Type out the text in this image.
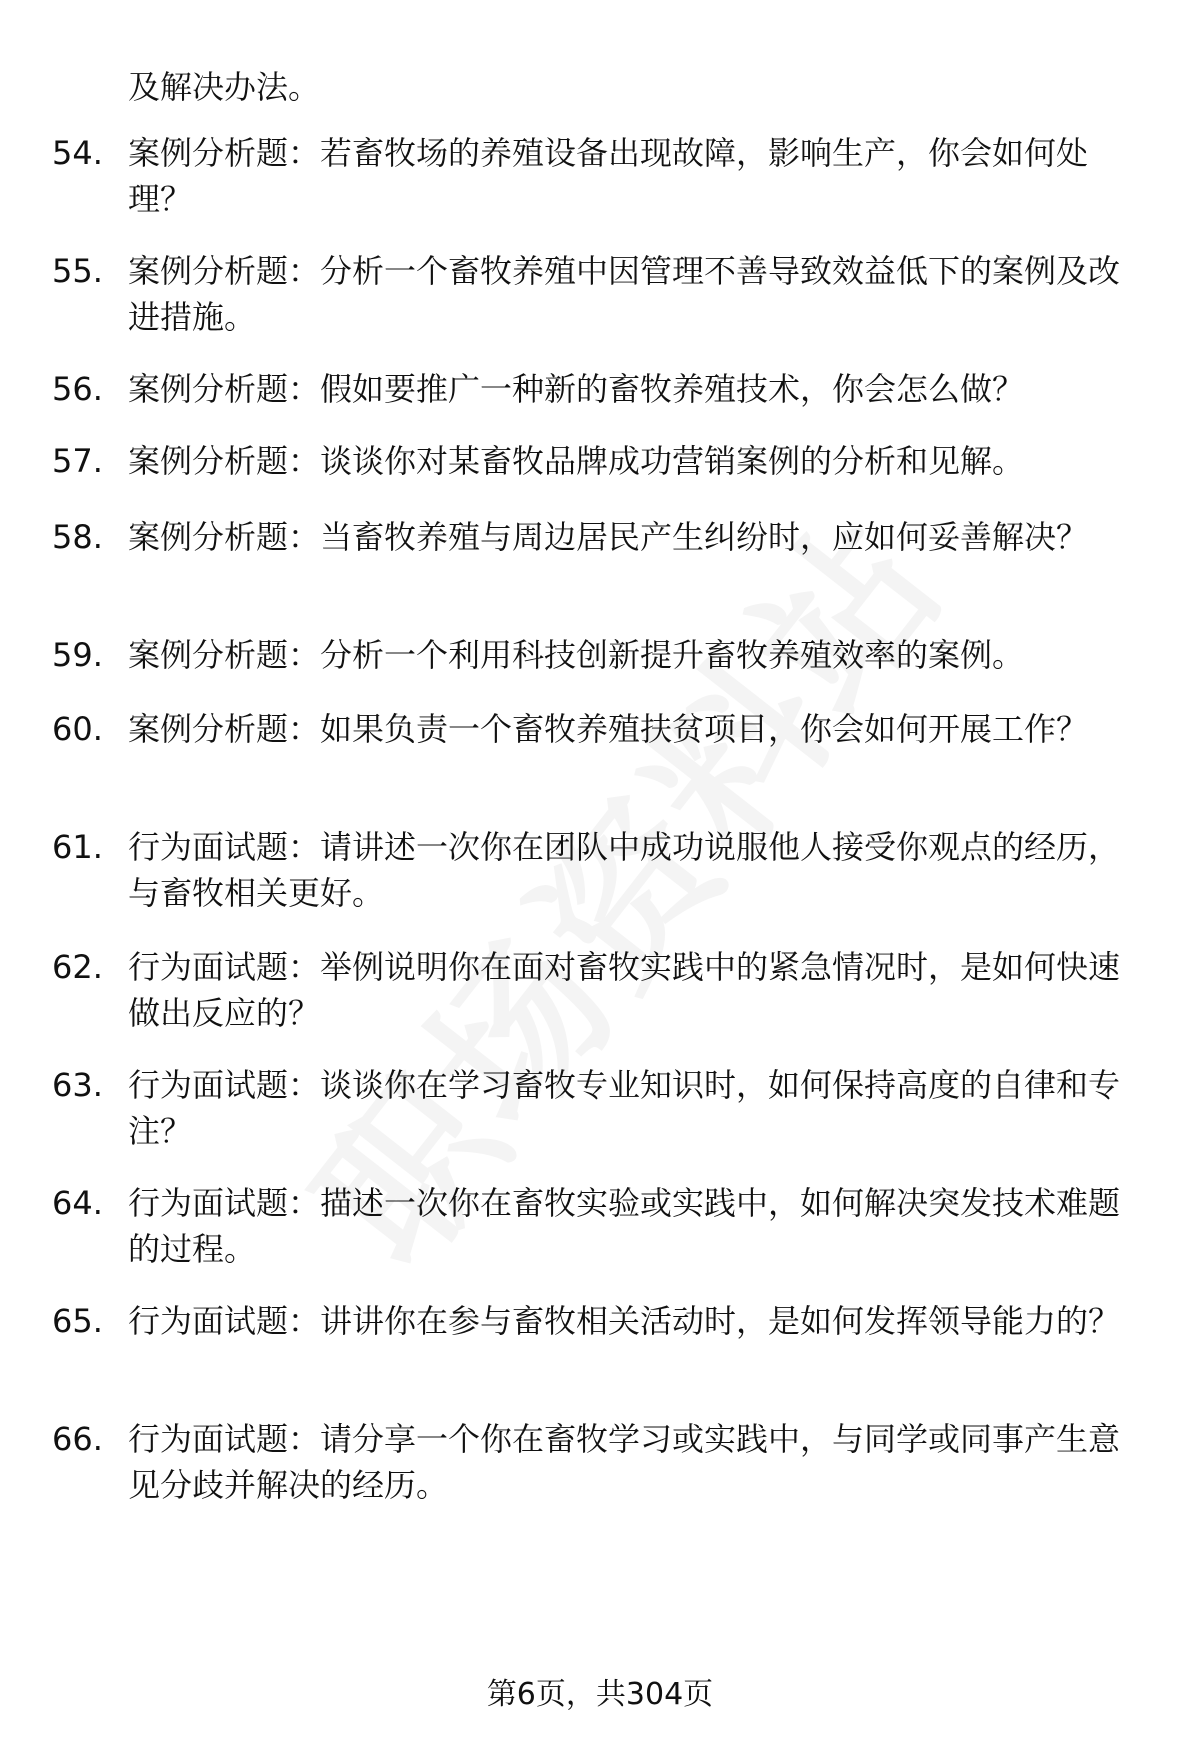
及解决办法。
54. 案例分析题：若畜牧场的养殖设备出现故障，影响生产，你会如何处理？
55. 案例分析题：分析一个畜牧养殖中因管理不善导致效益低下的案例及改进措施。
56. 案例分析题：假如要推广一种新的畜牧养殖技术，你会怎么做？
57. 案例分析题：谈谈你对某畜牧品牌成功营销案例的分析和见解。
58. 案例分析题：当畜牧养殖与周边居民产生纠纷时，应如何妥善解决？
59. 案例分析题：分析一个利用科技创新提升畜牧养殖效率的案例。
60. 案例分析题：如果负责一个畜牧养殖扶贫项目，你会如何开展工作？
61. 行为面试题：请讲述一次你在团队中成功说服他人接受你观点的经历，与畜牧相关更好。
62. 行为面试题：举例说明你在面对畜牧实践中的紧急情况时，是如何快速做出反应的？
63. 行为面试题：谈谈你在学习畜牧专业知识时，如何保持高度的自律和专注？
64. 行为面试题：描述一次你在畜牧实验或实践中，如何解决突发技术难题的过程。
65. 行为面试题：讲讲你在参与畜牧相关活动时，是如何发挥领导能力的？
66. 行为面试题：请分享一个你在畜牧学习或实践中，与同学或同事产生意见分歧并解决的经历。
第6页，共304页
